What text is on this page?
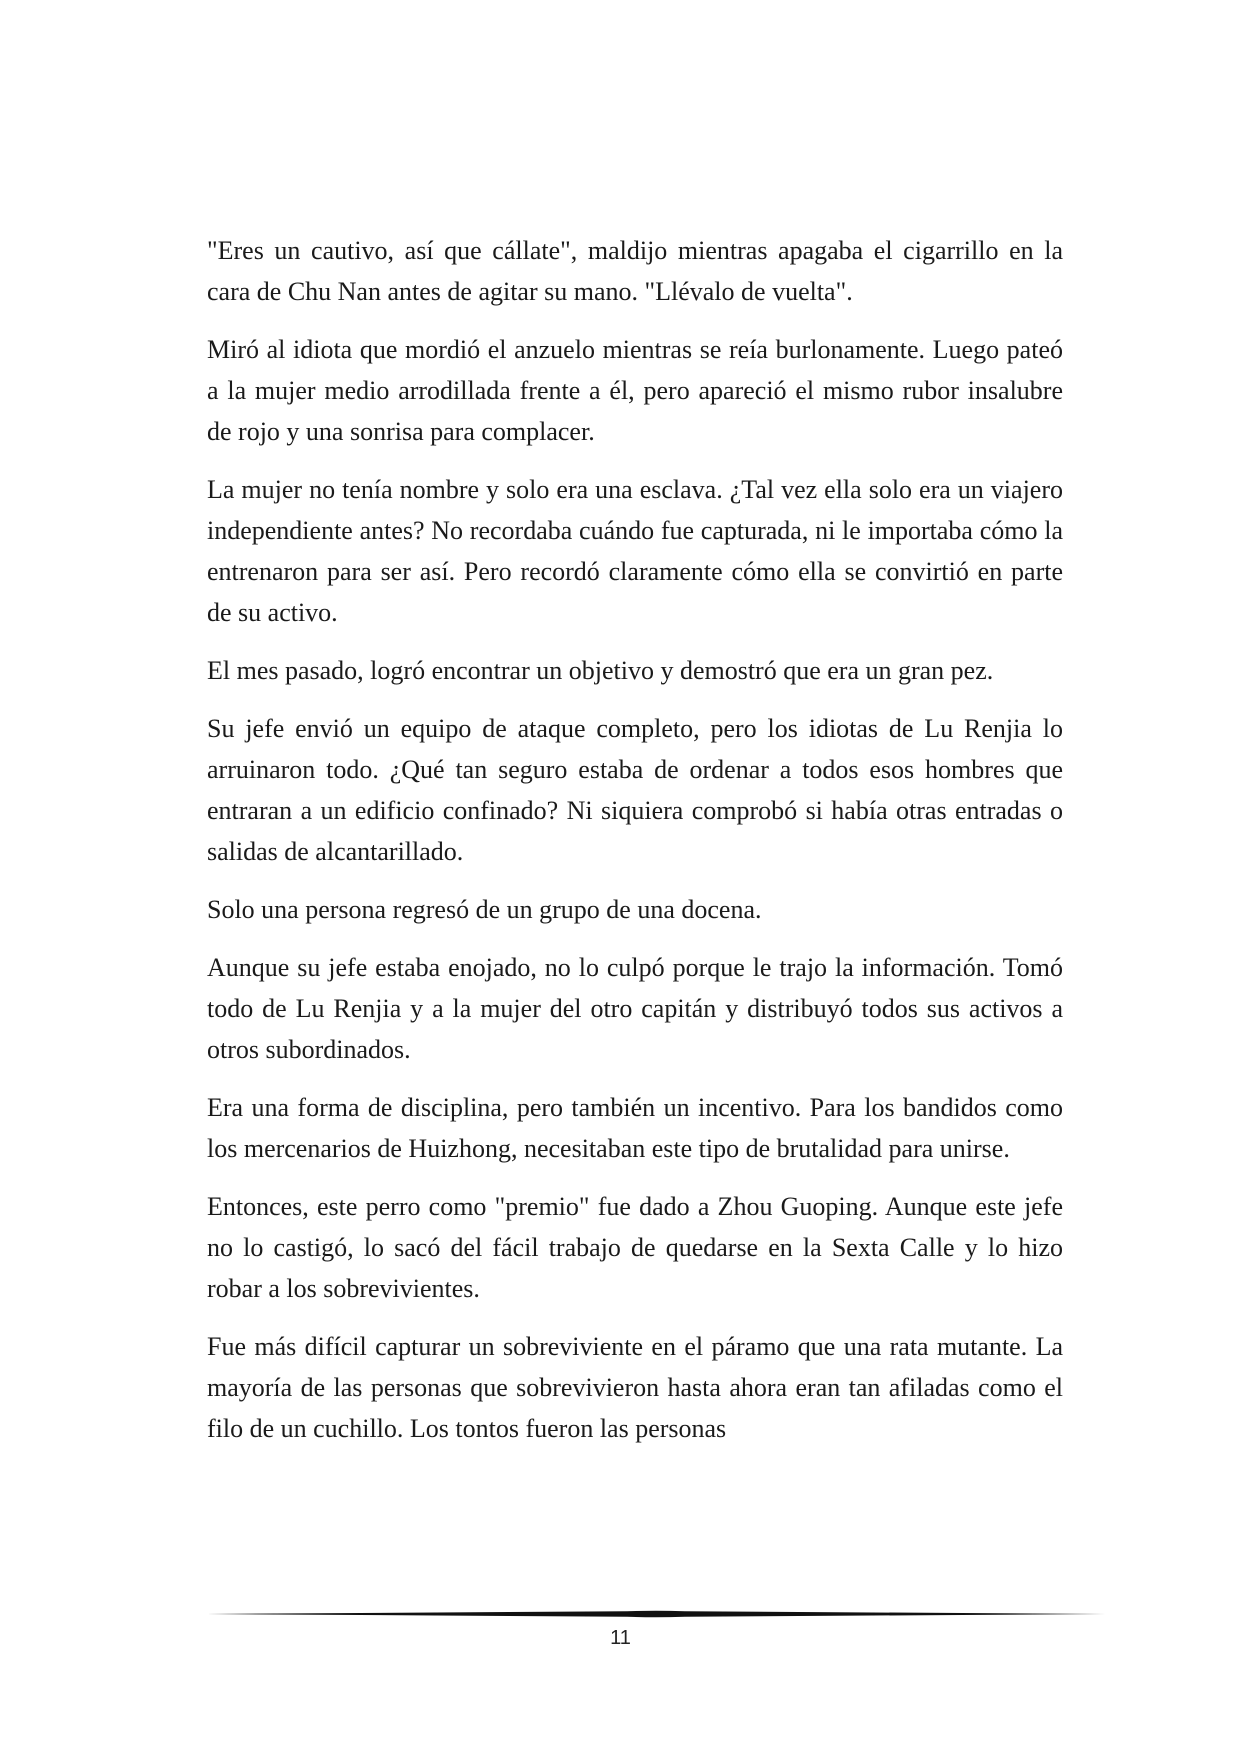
"Eres un cautivo, así que cállate", maldijo mientras apagaba el cigarrillo en la cara de Chu Nan antes de agitar su mano. "Llévalo de vuelta".

Miró al idiota que mordió el anzuelo mientras se reía burlonamente. Luego pateó a la mujer medio arrodillada frente a él, pero apareció el mismo rubor insalubre de rojo y una sonrisa para complacer.

La mujer no tenía nombre y solo era una esclava. ¿Tal vez ella solo era un viajero independiente antes? No recordaba cuándo fue capturada, ni le importaba cómo la entrenaron para ser así. Pero recordó claramente cómo ella se convirtió en parte de su activo.

El mes pasado, logró encontrar un objetivo y demostró que era un gran pez.

Su jefe envió un equipo de ataque completo, pero los idiotas de Lu Renjia lo arruinaron todo. ¿Qué tan seguro estaba de ordenar a todos esos hombres que entraran a un edificio confinado? Ni siquiera comprobó si había otras entradas o salidas de alcantarillado.

Solo una persona regresó de un grupo de una docena.

Aunque su jefe estaba enojado, no lo culpó porque le trajo la información. Tomó todo de Lu Renjia y a la mujer del otro capitán y distribuyó todos sus activos a otros subordinados.

Era una forma de disciplina, pero también un incentivo. Para los bandidos como los mercenarios de Huizhong, necesitaban este tipo de brutalidad para unirse.

Entonces, este perro como "premio" fue dado a Zhou Guoping. Aunque este jefe no lo castigó, lo sacó del fácil trabajo de quedarse en la Sexta Calle y lo hizo robar a los sobrevivientes.

Fue más difícil capturar un sobreviviente en el páramo que una rata mutante. La mayoría de las personas que sobrevivieron hasta ahora eran tan afiladas como el filo de un cuchillo. Los tontos fueron las personas

11
